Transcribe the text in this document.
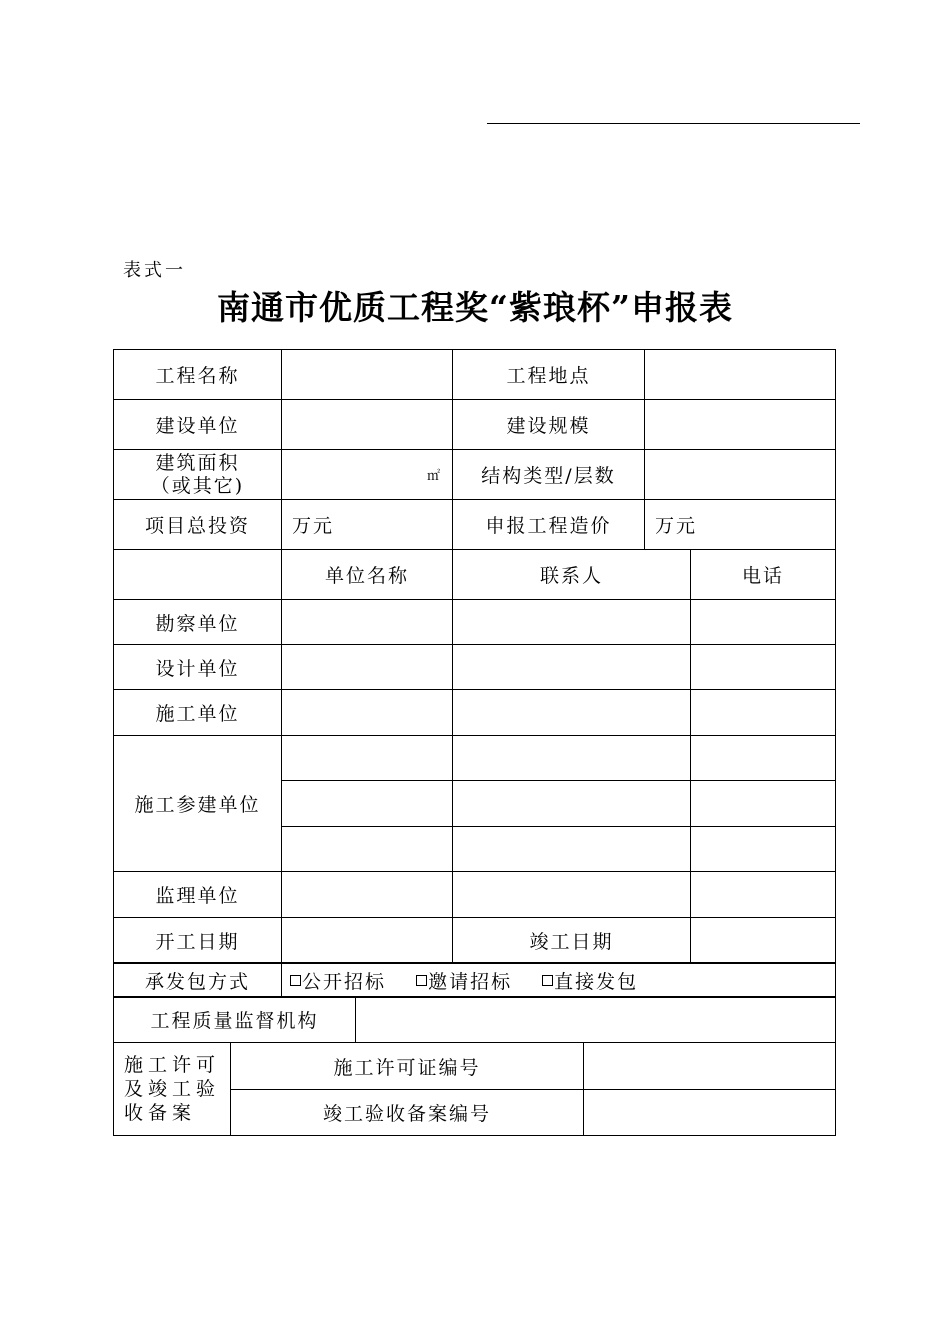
表式一
南通市优质工程奖“紫琅杯”申报表
工程名称		工程地点		
建设单位		建设规模		
建筑面积
（或其它)	㎡	结构类型/层数		
项目总投资	万元	申报工程造价	万元	
	单位名称	联系人		电话
勘察单位				
设计单位				
施工单位				
施工参建单位				

监理单位				
开工日期		竣工日期		
承发包方式	公开招标 邀请招标 直接发包
工程质量监督机构	
施工许可及竣工验收备案	施工许可证编号	
	竣工验收备案编号	
